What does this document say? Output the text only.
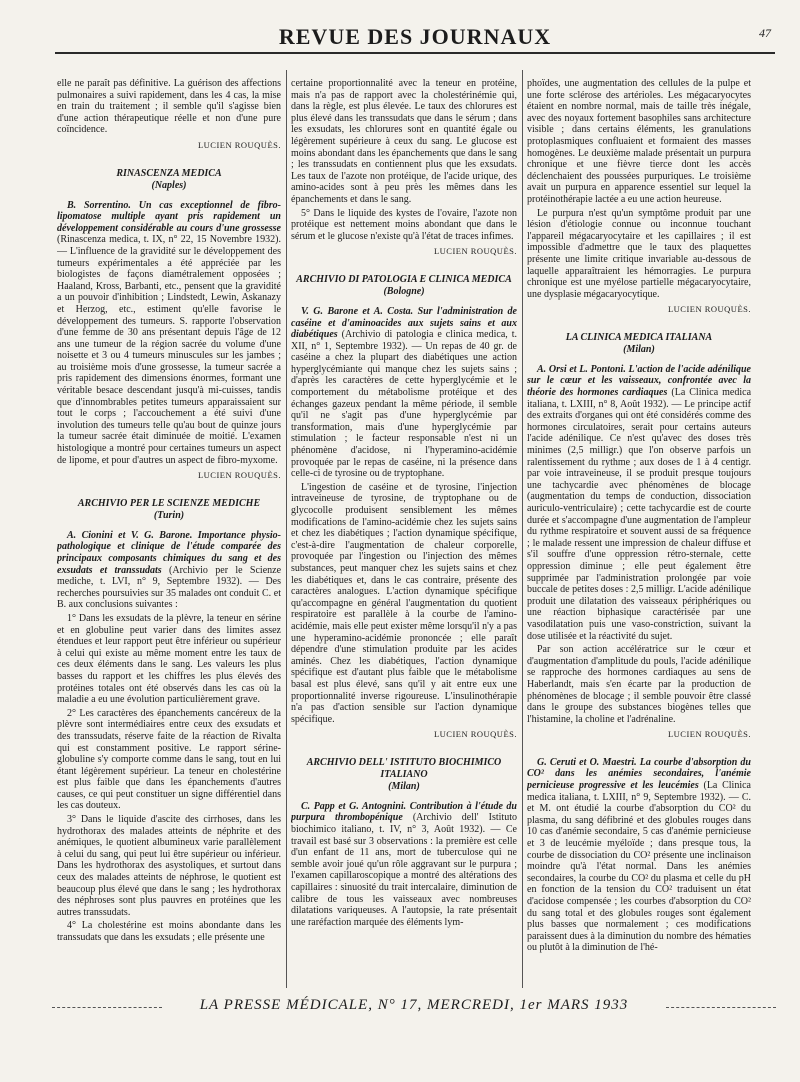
REVUE DES JOURNAUX	47

elle ne paraît pas définitive. La guérison des affections pulmonaires a suivi rapidement, dans les 4 cas, la mise en train du traitement ; il semble qu'il s'agisse bien d'une action thérapeutique réelle et non d'une pure coïncidence.

LUCIEN ROUQUÈS.
RINASCENZA MEDICA
(Naples)

B. Sorrentino. Un cas exceptionnel de fibro-lipomatose multiple ayant pris rapidement un développement considérable au cours d'une grossesse (Rinascenza medica, t. IX, n° 22, 15 Novembre 1932). — L'influence de la gravidité sur le développement des tumeurs expérimentales a été appréciée par les biologistes de façons diamétralement opposées ; Haaland, Kross, Barbanti, etc., pensent que la gravidité a un pouvoir d'inhibition ; Lindstedt, Lewin, Askanazy et Herzog, etc., estiment qu'elle favorise le développement des tumeurs. S. rapporte l'observation d'une femme de 30 ans présentant depuis l'âge de 12 ans une tumeur de la région sacrée du volume d'une noisette et 3 ou 4 tumeurs minuscules sur les jambes ; au troisième mois d'une grossesse, la tumeur sacrée a pris rapidement des dimensions énormes, formant une véritable besace descendant jusqu'à mi-cuisses, tandis que d'innombrables petites tumeurs apparaissaient sur tout le corps ; l'accouchement a été suivi d'une involution des tumeurs telle qu'au bout de quinze jours la tumeur sacrée était diminuée de moitié. L'examen histologique a montré pour certaines tumeurs un aspect de lipome, et pour d'autres un aspect de fibro-myxome.

LUCIEN ROUQUÈS.
ARCHIVIO PER LE SCIENZE MEDICHE
(Turin)

A. Cionini et V. G. Barone. Importance physio-pathologique et clinique de l'étude comparée des principaux composants chimiques du sang et des exsudats et transsudats (Archivio per le Scienze mediche, t. LVI, n° 9, Septembre 1932). — Des recherches poursuivies sur 35 malades ont conduit C. et B. aux conclusions suivantes :

1° Dans les exsudats de la plèvre, la teneur en sérine et en globuline peut varier dans des limites assez étendues et leur rapport peut être inférieur ou supérieur à celui qui existe au même moment entre les taux de ces deux éléments dans le sang. Les valeurs les plus basses du rapport et les chiffres les plus élevés des protéines totales ont été observés dans les cas où la maladie a eu une évolution particulièrement grave.

2° Les caractères des épanchements cancéreux de la plèvre sont intermédiaires entre ceux des exsudats et des transsudats, réserve faite de la réaction de Rivalta qui est constamment positive. Le rapport sérine-globuline s'y comporte comme dans le sang, tout en lui étant légèrement supérieur. La teneur en cholestérine est plus faible que dans les épanchements d'autres causes, ce qui peut constituer un signe différentiel dans les cas douteux.

3° Dans le liquide d'ascite des cirrhoses, dans les hydrothorax des malades atteints de néphrite et des anémiques, le quotient albumineux varie parallèlement à celui du sang, qui peut lui être supérieur ou inférieur. Dans les hydrothorax des asystoliques, et surtout dans ceux des malades atteints de néphrose, le quotient est beaucoup plus élevé que dans le sang ; les hydrothorax des néphroses sont plus pauvres en protéines que les autres transsudats.

4° La cholestérine est moins abondante dans les transsudats que dans les exsudats ; elle présente une

certaine proportionnalité avec la teneur en protéine, mais n'a pas de rapport avec la cholestérinémie qui, dans la règle, est plus élevée. Le taux des chlorures est plus élevé dans les transsudats que dans le sérum ; dans les exsudats, les chlorures sont en quantité égale ou légèrement supérieure à ceux du sang. Le glucose est moins abondant dans les épanchements que dans le sang ; les transsudats en contiennent plus que les exsudats. Les taux de l'azote non protéique, de l'acide urique, des amino-acides sont à peu près les mêmes dans les épanchements et dans le sang.

5° Dans le liquide des kystes de l'ovaire, l'azote non protéique est nettement moins abondant que dans le sérum et le glucose n'existe qu'à l'état de traces infimes.

LUCIEN ROUQUÈS.
ARCHIVIO DI PATOLOGIA E CLINICA MEDICA
(Bologne)

V. G. Barone et A. Costa. Sur l'administration de caséine et d'aminoacides aux sujets sains et aux diabétiques (Archivio di patologia e clinica medica, t. XII, n° 1, Septembre 1932). — Un repas de 40 gr. de caséine a chez la plupart des diabétiques une action hyperglycémiante qui manque chez les sujets sains ; d'après les caractères de cette hyperglycémie et le comportement du métabolisme protéique et des échanges gazeux pendant la même période, il semble qu'il ne s'agit pas d'une hyperglycémie par transformation, mais d'une hyperglycémie par stimulation ; le facteur responsable n'est ni un phénomène d'acidose, ni l'hyperamino-acidémie provoquée par le repas de caséine, ni la présence dans celle-ci de tyrosine ou de tryptophane.

L'ingestion de caséine et de tyrosine, l'injection intraveineuse de tyrosine, de tryptophane ou de glycocolle produisent sensiblement les mêmes modifications de l'amino-acidémie chez les sujets sains et chez les diabétiques ; l'action dynamique spécifique, c'est-à-dire l'augmentation de chaleur corporelle, provoquée par l'ingestion ou l'injection des mêmes substances, peut manquer chez les sujets sains et chez les diabétiques et, dans le cas contraire, présente des caractères analogues. L'action dynamique spécifique qu'accompagne en général l'augmentation du quotient respiratoire est parallèle à la courbe de l'amino-acidémie, mais elle peut exister même lorsqu'il n'y a pas une hyperamino-acidémie prononcée ; elle paraît dépendre d'une stimulation produite par les acides aminés. Chez les diabétiques, l'action dynamique spécifique est d'autant plus faible que le métabolisme basal est plus élevé, sans qu'il y ait entre eux une proportionnalité inverse rigoureuse. L'insulinothérapie n'a pas d'action sensible sur l'action dynamique spécifique.

LUCIEN ROUQUÈS.
ARCHIVIO DELL' ISTITUTO BIOCHIMICO ITALIANO
(Milan)

C. Papp et G. Antognini. Contribution à l'étude du purpura thrombopénique (Archivio dell' Istituto biochimico italiano, t. IV, n° 3, Août 1932). — Ce travail est basé sur 3 observations : la première est celle d'un enfant de 11 ans, mort de tuberculose qui ne semble avoir joué qu'un rôle aggravant sur le purpura ; l'examen capillaroscopique a montré des altérations des capillaires : sinuosité du trait intercalaire, diminution de calibre de tous les vaisseaux avec nombreuses dilatations variqueuses. A l'autopsie, la rate présentait une raréfaction marquée des éléments lym-

phoïdes, une augmentation des cellules de la pulpe et une forte sclérose des artérioles. Les mégacaryocytes étaient en nombre normal, mais de taille très inégale, avec des noyaux fortement basophiles sans architecture visible ; dans certains éléments, les granulations protoplasmiques confluaient et formaient des masses homogènes. Le deuxième malade présentait un purpura chronique et une fièvre tierce dont les accès déclenchaient des poussées purpuriques. Le troisième avait un purpura en apparence essentiel sur lequel la protéinothérapie lactée a eu une action heureuse.

Le purpura n'est qu'un symptôme produit par une lésion d'étiologie connue ou inconnue touchant l'appareil mégacaryocytaire et les capillaires ; il est impossible d'admettre que le taux des plaquettes présente une limite critique invariable au-dessous de laquelle apparaîtraient les hémorragies. Le purpura chronique est une myélose partielle mégacaryocytaire, une dysplasie mégacaryocytique.

LUCIEN ROUQUÈS.
LA CLINICA MEDICA ITALIANA
(Milan)

A. Orsi et L. Pontoni. L'action de l'acide adénilique sur le cœur et les vaisseaux, confrontée avec la théorie des hormones cardiaques (La Clinica medica italiana, t. LXIII, n° 8, Août 1932). — Le principe actif des extraits d'organes qui ont été considérés comme des hormones circulatoires, serait pour certains auteurs l'acide adénilique. Ce n'est qu'avec des doses très minimes (2,5 milligr.) que l'on observe parfois un ralentissement du rythme ; aux doses de 1 à 4 centigr. par voie intraveineuse, il se produit presque toujours une tachycardie avec phénomènes de blocage (augmentation du temps de conduction, dissociation auriculo-ventriculaire) ; cette tachycardie est de courte durée et s'accompagne d'une augmentation de l'ampleur du rythme respiratoire et souvent aussi de sa fréquence ; le malade ressent une impression de chaleur diffuse et s'il souffre d'une oppression rétro-sternale, cette oppression diminue ; elle peut également être supprimée par l'administration prolongée par voie buccale de petites doses : 2,5 milligr. L'acide adénilique produit une dilatation des vaisseaux périphériques ou une réaction biphasique caractérisée par une vasodilatation puis une vaso-constriction, suivant la dose utilisée et la réactivité du sujet.

Par son action accélératrice sur le cœur et d'augmentation d'amplitude du pouls, l'acide adénilique se rapproche des hormones cardiaques au sens de Haberlandt, mais s'en écarte par la production de phénomènes de blocage ; il semble pouvoir être classé dans le groupe des substances biogènes telles que l'histamine, la choline et l'adrénaline.

LUCIEN ROUQUÈS.

G. Ceruti et O. Maestri. La courbe d'absorption du CO² dans les anémies secondaires, l'anémie pernicieuse progressive et les leucémies (La Clinica medica italiana, t. LXIII, n° 9, Septembre 1932). — C. et M. ont étudié la courbe d'absorption du CO² du plasma, du sang défibriné et des globules rouges dans 10 cas d'anémie secondaire, 5 cas d'anémie pernicieuse et 3 de leucémie myéloïde ; dans presque tous, la courbe de dissociation du CO² présente une inclinaison moindre qu'à l'état normal. Dans les anémies secondaires, la courbe du CO² du plasma et celle du pH en fonction de la tension du CO² traduisent un état d'acidose compensée ; les courbes d'absorption du CO² du sang total et des globules rouges sont également plus basses que normalement ; ces modifications paraissent dues à la diminution du nombre des hématies ou plutôt à la diminution de l'hé-

LA PRESSE MÉDICALE, N° 17, MERCREDI, 1er MARS 1933
